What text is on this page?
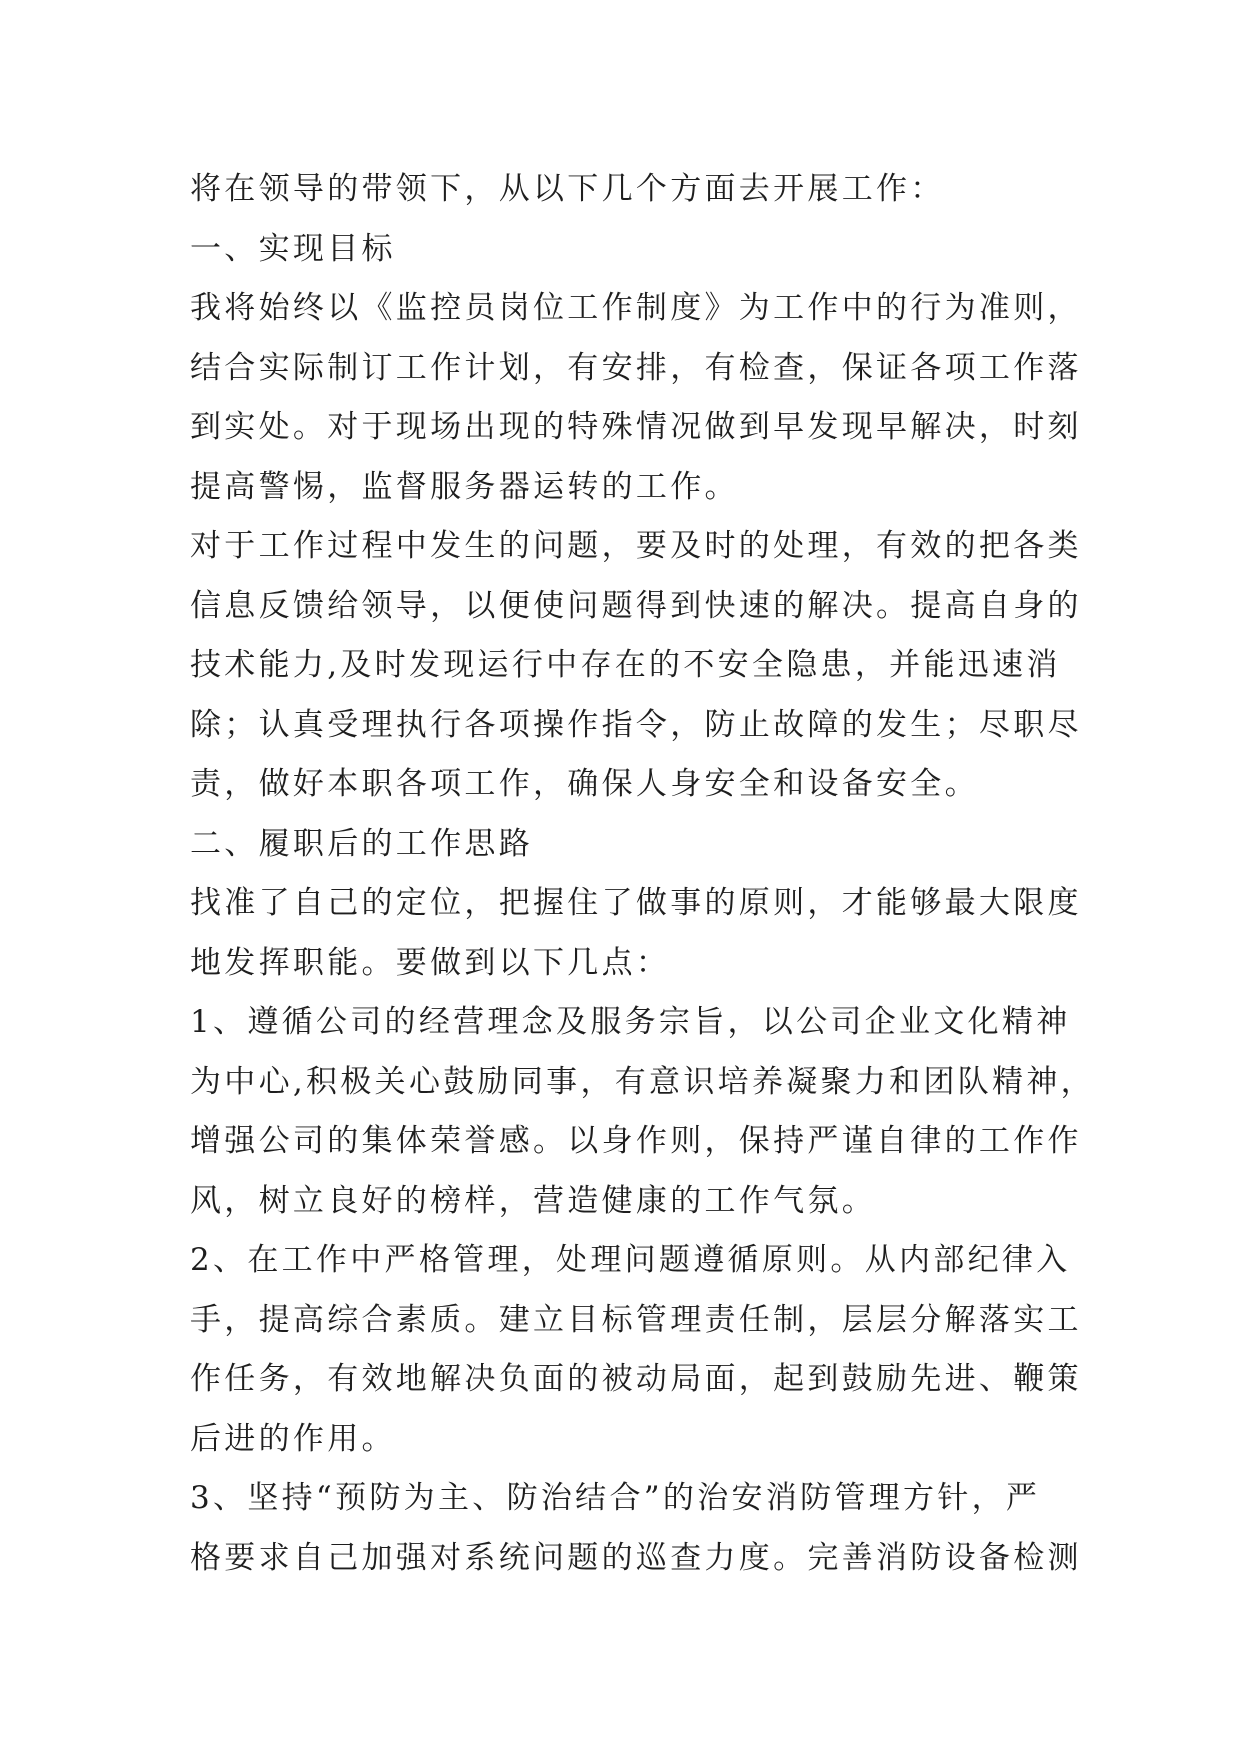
将在领导的带领下，从以下几个方面去开展工作：
一、实现目标
我将始终以《监控员岗位工作制度》为工作中的行为准则，
结合实际制订工作计划，有安排，有检查，保证各项工作落
到实处。对于现场出现的特殊情况做到早发现早解决，时刻
提高警惕，监督服务器运转的工作。
对于工作过程中发生的问题，要及时的处理，有效的把各类
信息反馈给领导，以便使问题得到快速的解决。提高自身的
技术能力,及时发现运行中存在的不安全隐患，并能迅速消
除；认真受理执行各项操作指令，防止故障的发生；尽职尽
责，做好本职各项工作，确保人身安全和设备安全。
二、履职后的工作思路
找准了自己的定位，把握住了做事的原则，才能够最大限度
地发挥职能。要做到以下几点：
1、遵循公司的经营理念及服务宗旨，以公司企业文化精神
为中心,积极关心鼓励同事，有意识培养凝聚力和团队精神，
增强公司的集体荣誉感。以身作则，保持严谨自律的工作作
风，树立良好的榜样，营造健康的工作气氛。
2、在工作中严格管理，处理问题遵循原则。从内部纪律入
手，提高综合素质。建立目标管理责任制，层层分解落实工
作任务，有效地解决负面的被动局面，起到鼓励先进、鞭策
后进的作用。
3、坚持“预防为主、防治结合”的治安消防管理方针，严
格要求自己加强对系统问题的巡查力度。完善消防设备检测
